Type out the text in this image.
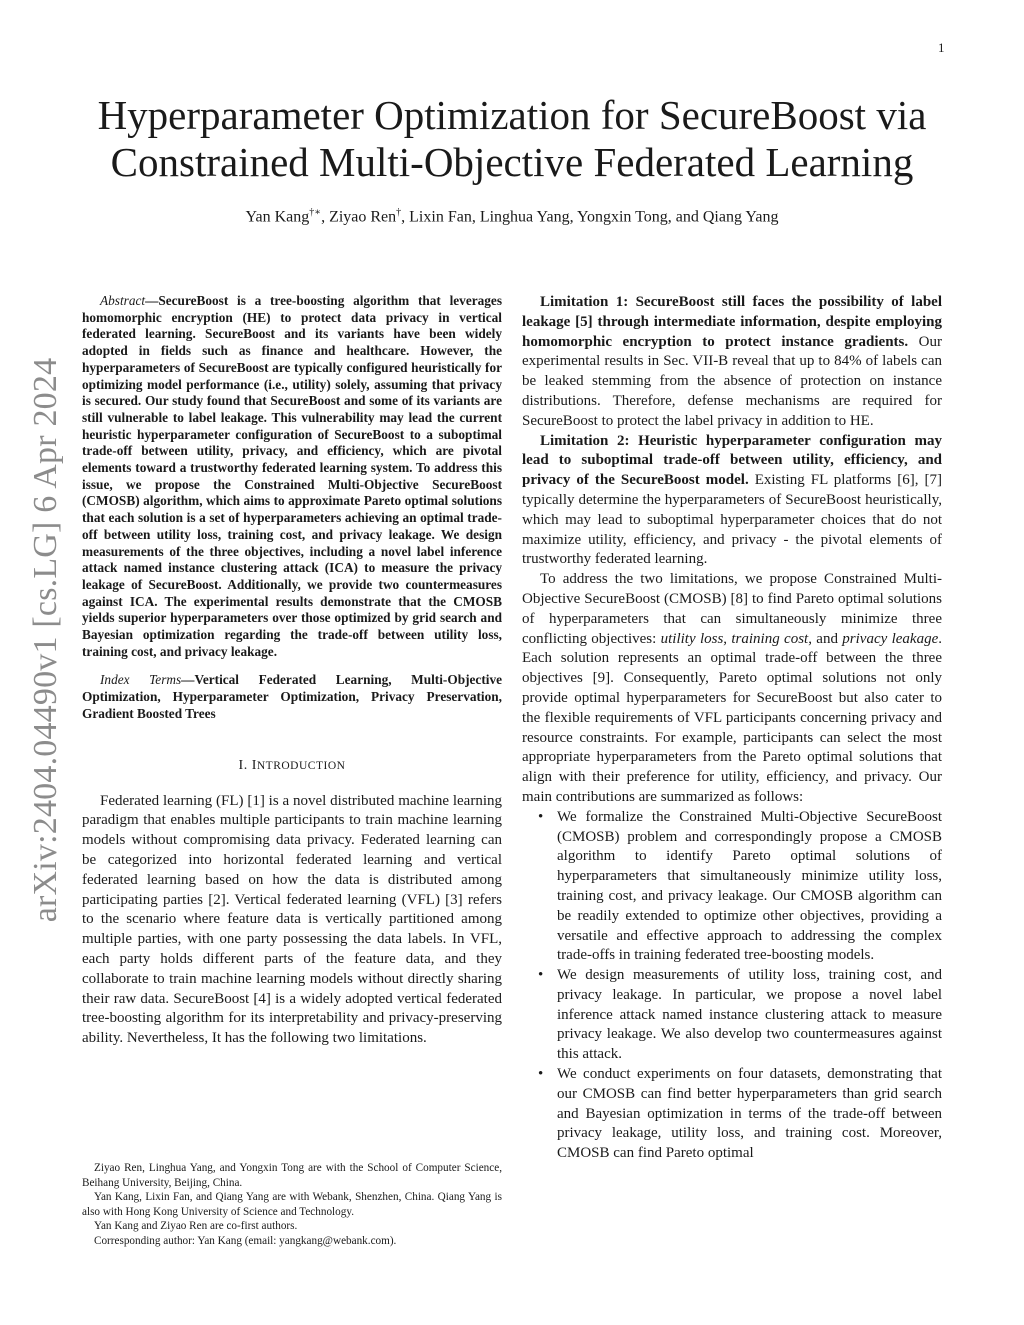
1
arXiv:2404.04490v1 [cs.LG] 6 Apr 2024
Hyperparameter Optimization for SecureBoost via
Constrained Multi-Objective Federated Learning
Yan Kang†∗, Ziyao Ren†, Lixin Fan, Linghua Yang, Yongxin Tong, and Qiang Yang

Abstract—SecureBoost is a tree-boosting algorithm that leverages homomorphic encryption (HE) to protect data privacy in vertical federated learning. SecureBoost and its variants have been widely adopted in fields such as finance and healthcare. However, the hyperparameters of SecureBoost are typically configured heuristically for optimizing model performance (i.e., utility) solely, assuming that privacy is secured. Our study found that SecureBoost and some of its variants are still vulnerable to label leakage. This vulnerability may lead the current heuristic hyperparameter configuration of SecureBoost to a suboptimal trade-off between utility, privacy, and efficiency, which are pivotal elements toward a trustworthy federated learning system. To address this issue, we propose the Constrained Multi-Objective SecureBoost (CMOSB) algorithm, which aims to approximate Pareto optimal solutions that each solution is a set of hyperparameters achieving an optimal trade-off between utility loss, training cost, and privacy leakage. We design measurements of the three objectives, including a novel label inference attack named instance clustering attack (ICA) to measure the privacy leakage of SecureBoost. Additionally, we provide two countermeasures against ICA. The experimental results demonstrate that the CMOSB yields superior hyperparameters over those optimized by grid search and Bayesian optimization regarding the trade-off between utility loss, training cost, and privacy leakage.

Index Terms—Vertical Federated Learning, Multi-Objective Optimization, Hyperparameter Optimization, Privacy Preservation, Gradient Boosted Trees

I. INTRODUCTION

Federated learning (FL) [1] is a novel distributed machine learning paradigm that enables multiple participants to train machine learning models without compromising data privacy. Federated learning can be categorized into horizontal federated learning and vertical federated learning based on how the data is distributed among participating parties [2]. Vertical federated learning (VFL) [3] refers to the scenario where feature data is vertically partitioned among multiple parties, with one party possessing the data labels. In VFL, each party holds different parts of the feature data, and they collaborate to train machine learning models without directly sharing their raw data. SecureBoost [4] is a widely adopted vertical federated tree-boosting algorithm for its interpretability and privacy-preserving ability. Nevertheless, It has the following two limitations.

Ziyao Ren, Linghua Yang, and Yongxin Tong are with the School of Computer Science, Beihang University, Beijing, China.

Yan Kang, Lixin Fan, and Qiang Yang are with Webank, Shenzhen, China. Qiang Yang is also with Hong Kong University of Science and Technology.

Yan Kang and Ziyao Ren are co-first authors.

Corresponding author: Yan Kang (email: yangkang@webank.com).

Limitation 1: SecureBoost still faces the possibility of label leakage [5] through intermediate information, despite employing homomorphic encryption to protect instance gradients. Our experimental results in Sec. VII-B reveal that up to 84% of labels can be leaked stemming from the absence of protection on instance distributions. Therefore, defense mechanisms are required for SecureBoost to protect the label privacy in addition to HE.

Limitation 2: Heuristic hyperparameter configuration may lead to suboptimal trade-off between utility, efficiency, and privacy of the SecureBoost model. Existing FL platforms [6], [7] typically determine the hyperparameters of SecureBoost heuristically, which may lead to suboptimal hyperparameter choices that do not maximize utility, efficiency, and privacy - the pivotal elements of trustworthy federated learning.

To address the two limitations, we propose Constrained Multi-Objective SecureBoost (CMOSB) [8] to find Pareto optimal solutions of hyperparameters that can simultaneously minimize three conflicting objectives: utility loss, training cost, and privacy leakage. Each solution represents an optimal trade-off between the three objectives [9]. Consequently, Pareto optimal solutions not only provide optimal hyperparameters for SecureBoost but also cater to the flexible requirements of VFL participants concerning privacy and resource constraints. For example, participants can select the most appropriate hyperparameters from the Pareto optimal solutions that align with their preference for utility, efficiency, and privacy. Our main contributions are summarized as follows:

• We formalize the Constrained Multi-Objective SecureBoost (CMOSB) problem and correspondingly propose a CMOSB algorithm to identify Pareto optimal solutions of hyperparameters that simultaneously minimize utility loss, training cost, and privacy leakage. Our CMOSB algorithm can be readily extended to optimize other objectives, providing a versatile and effective approach to addressing the complex trade-offs in training federated tree-boosting models.
• We design measurements of utility loss, training cost, and privacy leakage. In particular, we propose a novel label inference attack named instance clustering attack to measure privacy leakage. We also develop two countermeasures against this attack.
• We conduct experiments on four datasets, demonstrating that our CMOSB can find better hyperparameters than grid search and Bayesian optimization in terms of the trade-off between privacy leakage, utility loss, and training cost. Moreover, CMOSB can find Pareto optimal
